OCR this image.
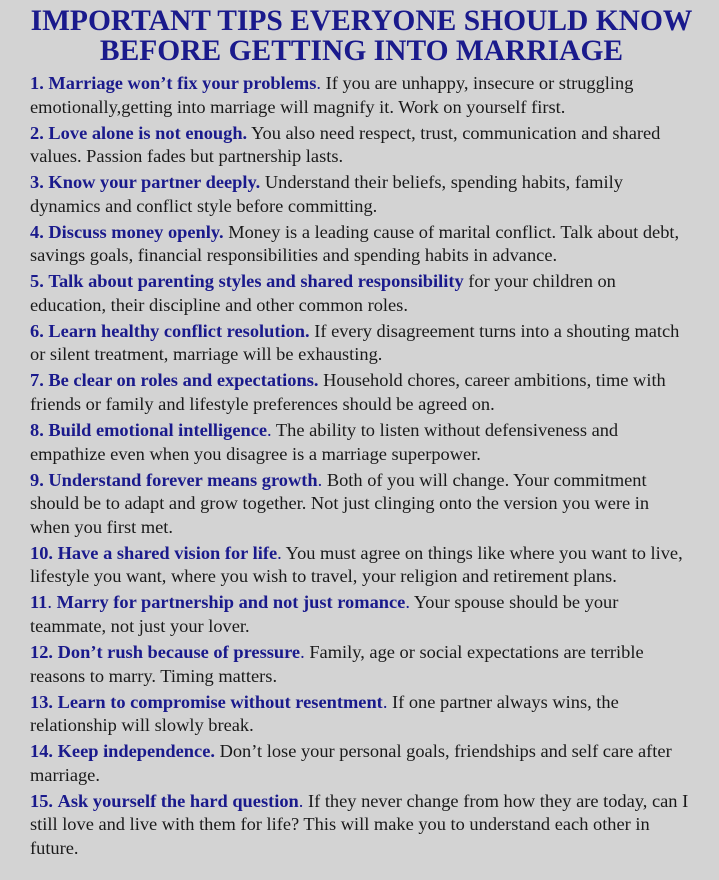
IMPORTANT TIPS EVERYONE SHOULD KNOW
BEFORE GETTING INTO MARRIAGE
1. Marriage won’t fix your problems. If you are unhappy, insecure or struggling emotionally,getting into marriage will magnify it. Work on yourself first.
2. Love alone is not enough. You also need respect, trust, communication and shared values. Passion fades but partnership lasts.
3. Know your partner deeply. Understand their beliefs, spending habits, family dynamics and conflict style before committing.
4. Discuss money openly. Money is a leading cause of marital conflict. Talk about debt, savings goals, financial responsibilities and spending habits in advance.
5. Talk about parenting styles and shared responsibility for your children on education, their discipline and other common roles.
6. Learn healthy conflict resolution. If every disagreement turns into a shouting match or silent treatment, marriage will be exhausting.
7. Be clear on roles and expectations. Household chores, career ambitions, time with friends or family and lifestyle preferences should be agreed on.
8. Build emotional intelligence. The ability to listen without defensiveness and empathize even when you disagree is a marriage superpower.
9. Understand forever means growth. Both of you will change. Your commitment should be to adapt and grow together. Not just clinging onto the version you were in when you first met.
10. Have a shared vision for life. You must agree on things like where you want to live, lifestyle you want, where you wish to travel, your religion and retirement plans.
11. Marry for partnership and not just romance. Your spouse should be your teammate, not just your lover.
12. Don’t rush because of pressure. Family, age or social expectations are terrible reasons to marry. Timing matters.
13. Learn to compromise without resentment. If one partner always wins, the relationship will slowly break.
14. Keep independence. Don’t lose your personal goals, friendships and self care after marriage.
15. Ask yourself the hard question. If they never change from how they are today, can I still love and live with them for life? This will make you to understand each other in future.
